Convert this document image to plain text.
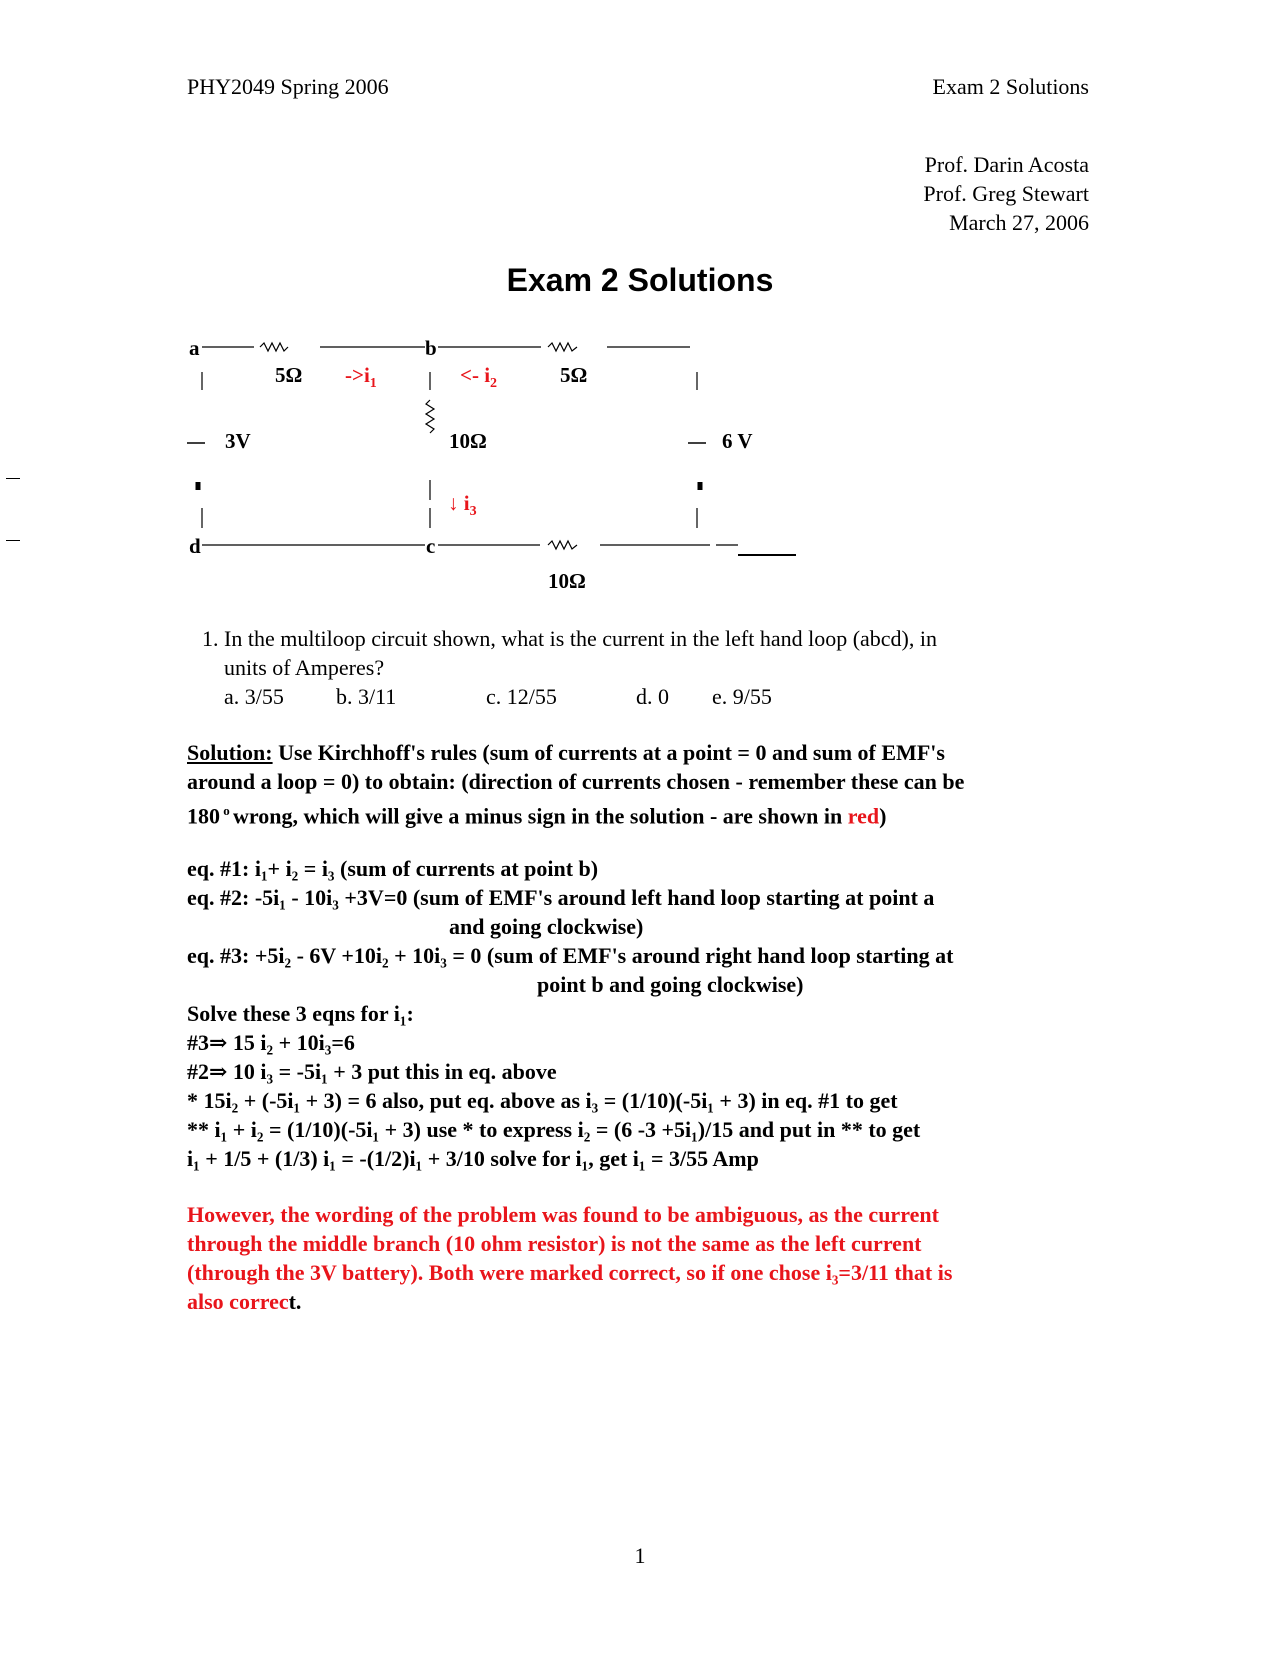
PHY2049 Spring 2006	Exam 2 Solutions
Prof. Darin Acosta
Prof. Greg Stewart
March 27, 2006
Exam 2 Solutions
a	b
c
d
5Ω	5Ω
10Ω
10Ω
3V	6 V
$->i_1$	<- $i_2$
↓ $i_3$
1. In the multiloop circuit shown, what is the current in the left hand loop (abcd), in
units of Amperes?
a. 3/55 b. 3/11	c. 12/55	d. 0 e. 9/55
Solution: Use Kirchhoff's rules (sum of currents at a point = 0 and sum of EMF's
around a loop = 0) to obtain: (direction of currents chosen - remember these can be
180 $^o$ wrong, which will give a minus sign in the solution - are shown in red)
eq. #1: i₁+ i₂ = i₃ (sum of currents at point b)
eq. #2: -5i₁ - 10i₃ +3V=0 (sum of EMF's around left hand loop starting at point a
and going clockwise)
eq. #3: +5i₂ - 6V +10i₂ + 10i₃ = 0 (sum of EMF's around right hand loop starting at
point b and going clockwise)
Solve these 3 eqns for i₁:
#3⇒ 15 i₂ + 10i₃=6
#2⇒ 10 i₃ = -5i₁ + 3 put this in eq. above
* 15i₂ + (-5i₁ + 3) = 6 also, put eq. above as i₃ = (1/10)(-5i₁ + 3) in eq. #1 to get
** i₁ + i₂ = (1/10)(-5i₁ + 3) use * to express i₂ = (6 -3 +5i₁)/15 and put in ** to get
i₁ + 1/5 + (1/3) i₁ = -(1/2)i₁ + 3/10 solve for i₁, get i₁ = 3/55 Amp
However, the wording of the problem was found to be ambiguous, as the current
through the middle branch (10 ohm resistor) is not the same as the left current
(through the 3V battery). Both were marked correct, so if one chose i₃=3/11 that is
also correct.
1
